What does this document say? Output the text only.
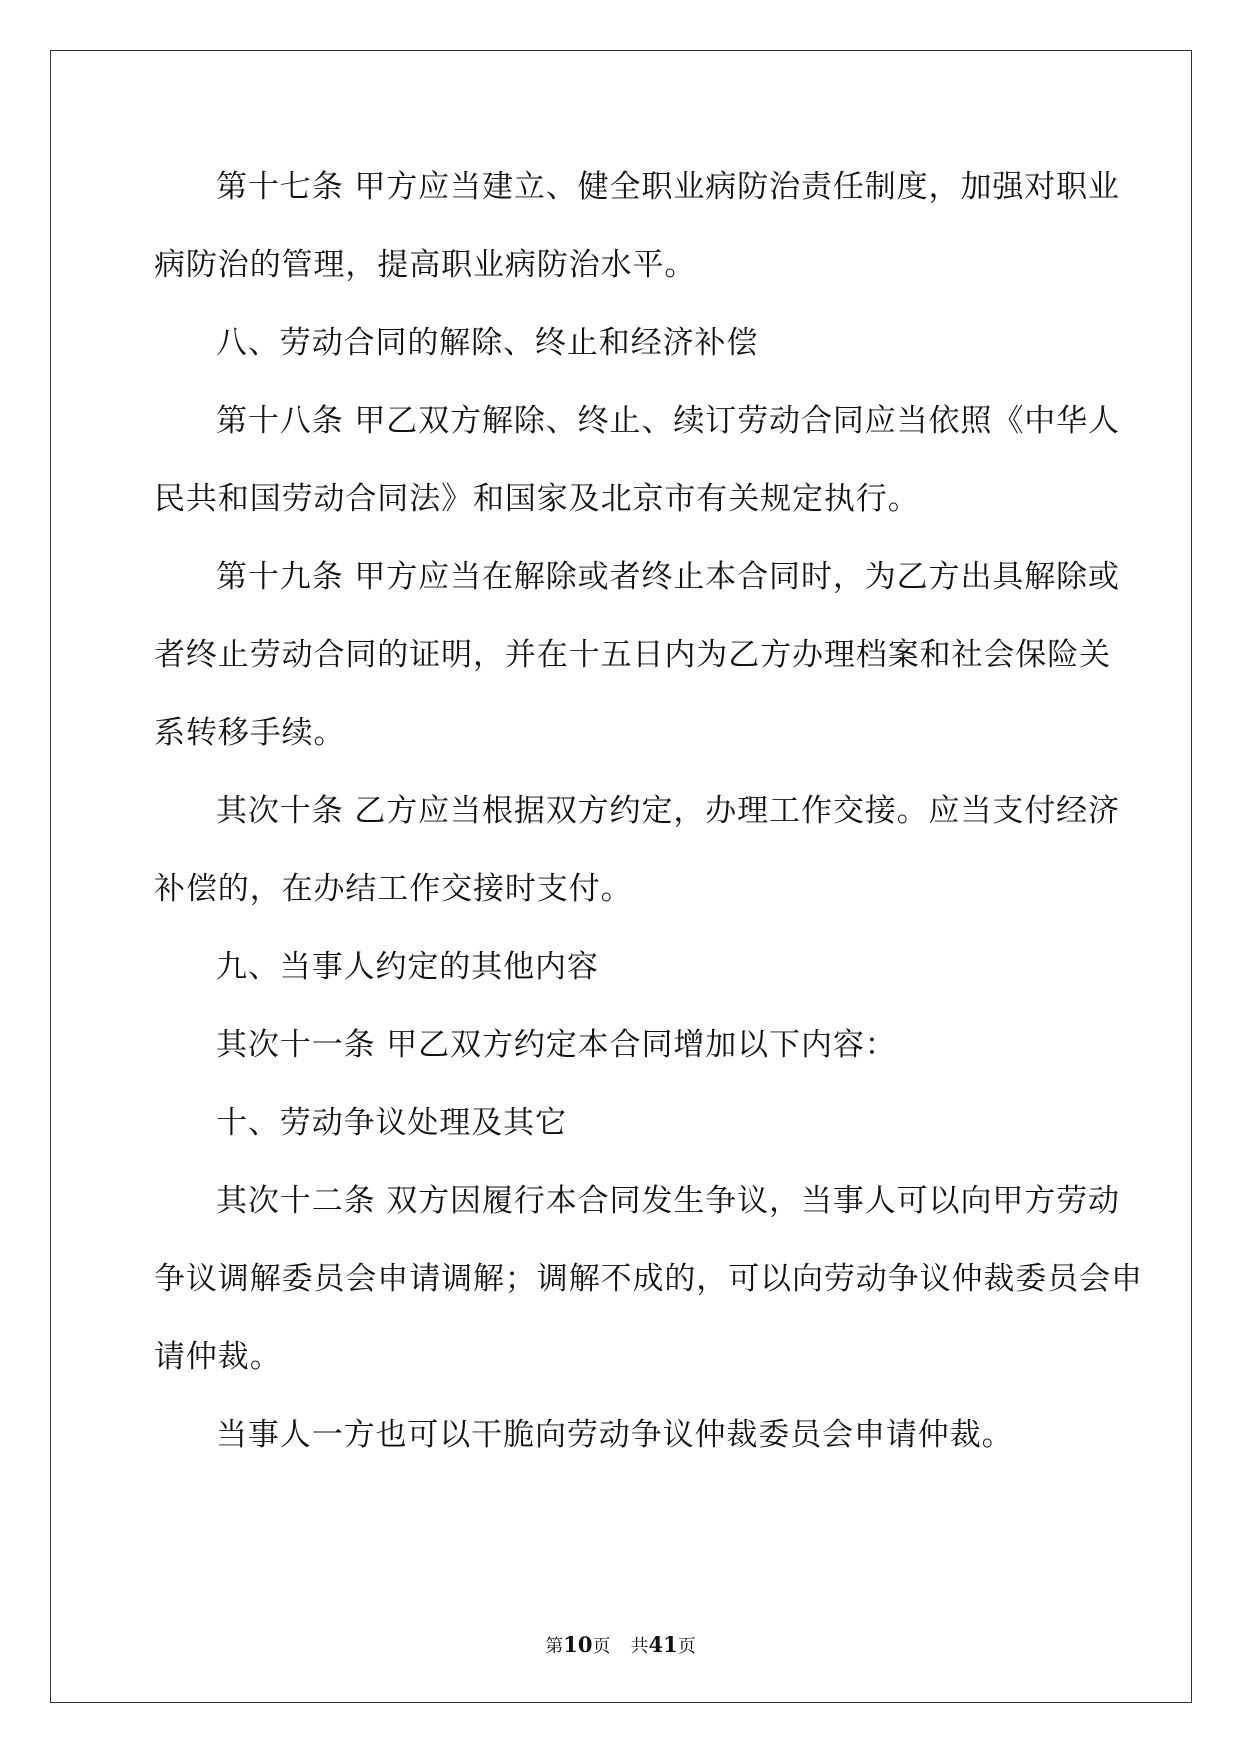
第十七条 甲方应当建立、健全职业病防治责任制度，加强对职业
病防治的管理，提高职业病防治水平。
八、劳动合同的解除、终止和经济补偿
第十八条 甲乙双方解除、终止、续订劳动合同应当依照《中华人
民共和国劳动合同法》和国家及北京市有关规定执行。
第十九条 甲方应当在解除或者终止本合同时，为乙方出具解除或
者终止劳动合同的证明，并在十五日内为乙方办理档案和社会保险关
系转移手续。
其次十条 乙方应当根据双方约定，办理工作交接。应当支付经济
补偿的，在办结工作交接时支付。
九、当事人约定的其他内容
其次十一条 甲乙双方约定本合同增加以下内容：
十、劳动争议处理及其它
其次十二条 双方因履行本合同发生争议，当事人可以向甲方劳动
争议调解委员会申请调解；调解不成的，可以向劳动争议仲裁委员会申
请仲裁。
当事人一方也可以干脆向劳动争议仲裁委员会申请仲裁。
第10页 共41页
